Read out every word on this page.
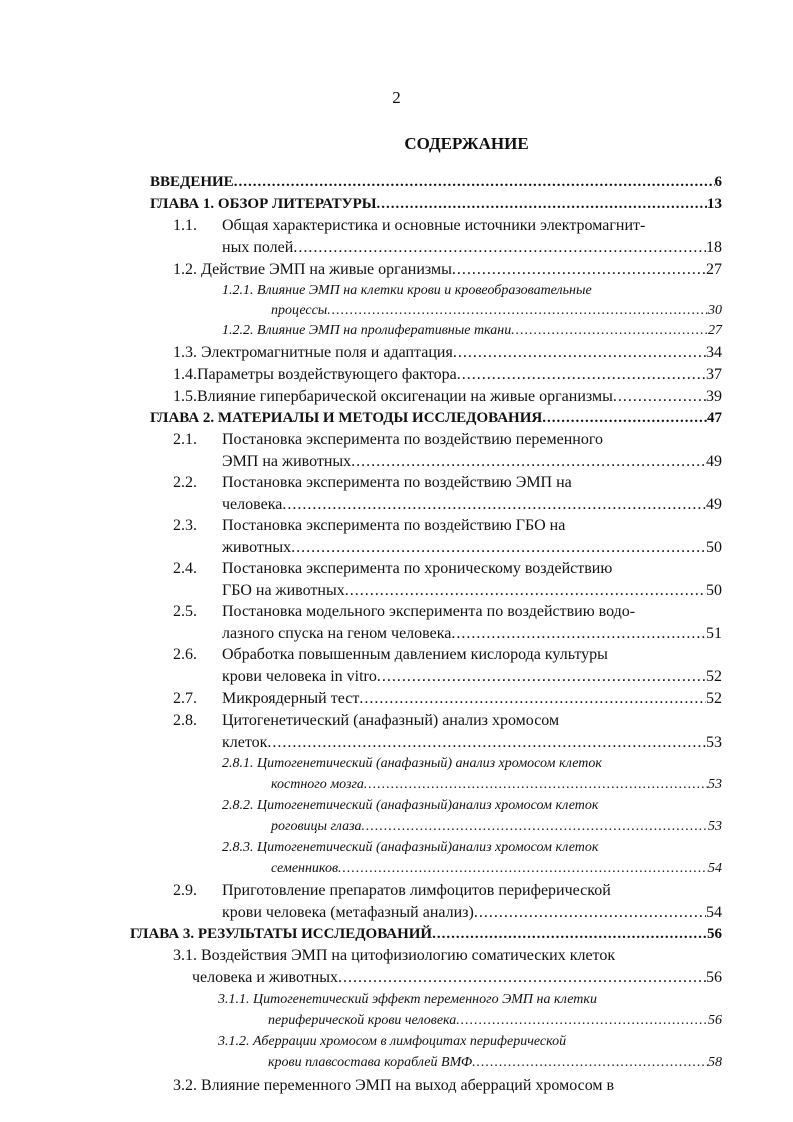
2
СОДЕРЖАНИЕ
ВВЕДЕНИЕ .....	6
ГЛАВА 1. ОБЗОР ЛИТЕРАТУРЫ .....	13
1.1. Общая характеристика и основные источники электромагнит-
ных полей .....	18
1.2. Действие ЭМП на живые организмы .....	27
1.2.1. Влияние ЭМП на клетки крови и кровеобразовательные
процессы .....	30
1.2.2. Влияние ЭМП на пролиферативные ткани .....	27
1.3. Электромагнитные поля и адаптация .....	34
1.4.Параметры воздействующего фактора .....	37
1.5.Влияние гипербарической оксигенации на живые организмы .....	39
ГЛАВА 2. МАТЕРИАЛЫ И МЕТОДЫ ИССЛЕДОВАНИЯ .....	47
2.1. Постановка эксперимента по воздействию переменного
ЭМП на животных .....	49
2.2. Постановка эксперимента по воздействию ЭМП на
человека .....	49
2.3. Постановка эксперимента по воздействию ГБО на
животных .....	50
2.4. Постановка эксперимента по хроническому воздействию
ГБО на животных .....	50
2.5. Постановка модельного эксперимента по воздействию водо-
лазного спуска на геном человека .....	51
2.6. Обработка повышенным давлением кислорода культуры
крови человека in vitro .....	52
2.7. Микроядерный тест .....	52
2.8. Цитогенетический (анафазный) анализ хромосом
клеток .....	53
2.8.1. Цитогенетический (анафазный) анализ хромосом клеток
костного мозга .....	53
2.8.2. Цитогенетический (анафазный)анализ хромосом клеток
роговицы глаза .....	53
2.8.3. Цитогенетический (анафазный)анализ хромосом клеток
семенников .....	54
2.9. Приготовление препаратов лимфоцитов периферической
крови человека (метафазный анализ) .....	54
ГЛАВА 3. РЕЗУЛЬТАТЫ ИССЛЕДОВАНИЙ .....	56
3.1. Воздействия ЭМП на цитофизиологию соматических клеток
человека и животных .....	56
3.1.1. Цитогенетический эффект переменного ЭМП на клетки
периферической крови человека .....	56
3.1.2. Аберрации хромосом в лимфоцитах периферической
крови плавсостава кораблей ВМФ .....	58
3.2. Влияние переменного ЭМП на выход аберраций хромосом в
